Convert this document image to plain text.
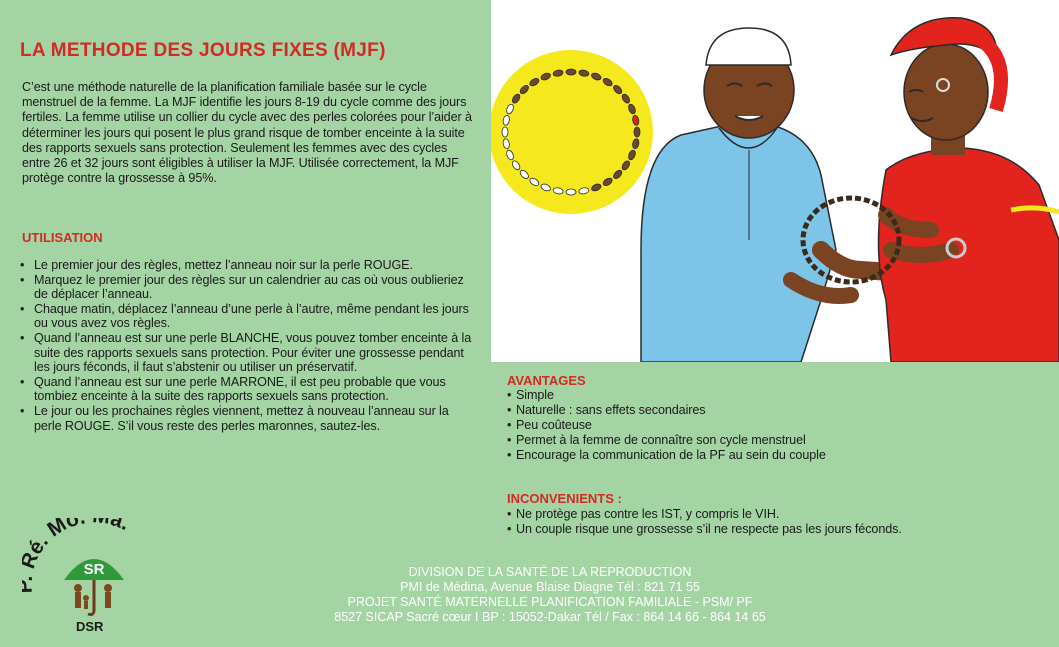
LA METHODE DES JOURS FIXES (MJF)

C’est une méthode naturelle de la planification familiale basée sur le cycle menstruel de la femme. La MJF identifie les jours 8-19 du cycle comme des jours fertiles. La femme utilise un collier du cycle avec des perles colorées pour l’aider à déterminer les jours qui posent le plus grand risque de tomber enceinte à la suite des rapports sexuels sans protection. Seulement les femmes avec des cycles entre 26 et 32 jours sont éligibles à utiliser la MJF. Utilisée correctement, la MJF protège contre la grossesse à 95%.

UTILISATION
• Le premier jour des règles, mettez l’anneau noir sur la perle ROUGE.
• Marquez le premier jour des règles sur un calendrier au cas où vous oublieriez de déplacer l’anneau.
• Chaque matin, déplacez l’anneau d’une perle à l’autre, même pendant les jours ou vous avez vos règles.
• Quand l’anneau est sur une perle BLANCHE, vous pouvez tomber enceinte à la suite des rapports sexuels sans protection. Pour éviter une grossesse pendant les jours féconds, il faut s’abstenir ou utiliser un préservatif.
• Quand l’anneau est sur une perle MARRONE, il est peu probable que vous tombiez enceinte à la suite des rapports sexuels sans protection.
• Le jour ou les prochaines règles viennent, mettez à nouveau l’anneau sur la perle ROUGE. S’il vous reste des perles maronnes, sautez-les.
AVANTAGES
• Simple
• Naturelle : sans effets secondaires
• Peu coûteuse
• Permet à la femme de connaître son cycle menstruel
• Encourage la communication de la PF au sein du couple
INCONVENIENTS :
• Ne protège pas contre les IST, y compris le VIH.
• Un couple risque une grossesse s’il ne respecte pas les jours féconds.
é. Mo a.
SR
DSR
DIVISION DE LA SANTÉ DE LA REPRODUCTION
PMI de Médina, Avenue Blaise Diagne Tél : 821 71 55
PROJET SANTÉ MATERNELLE PLANIFICATION FAMILIALE - PSM/ PF
8527 SICAP Sacré cœur I BP : 15052-Dakar Tél / Fax : 864 14 66 - 864 14 65
